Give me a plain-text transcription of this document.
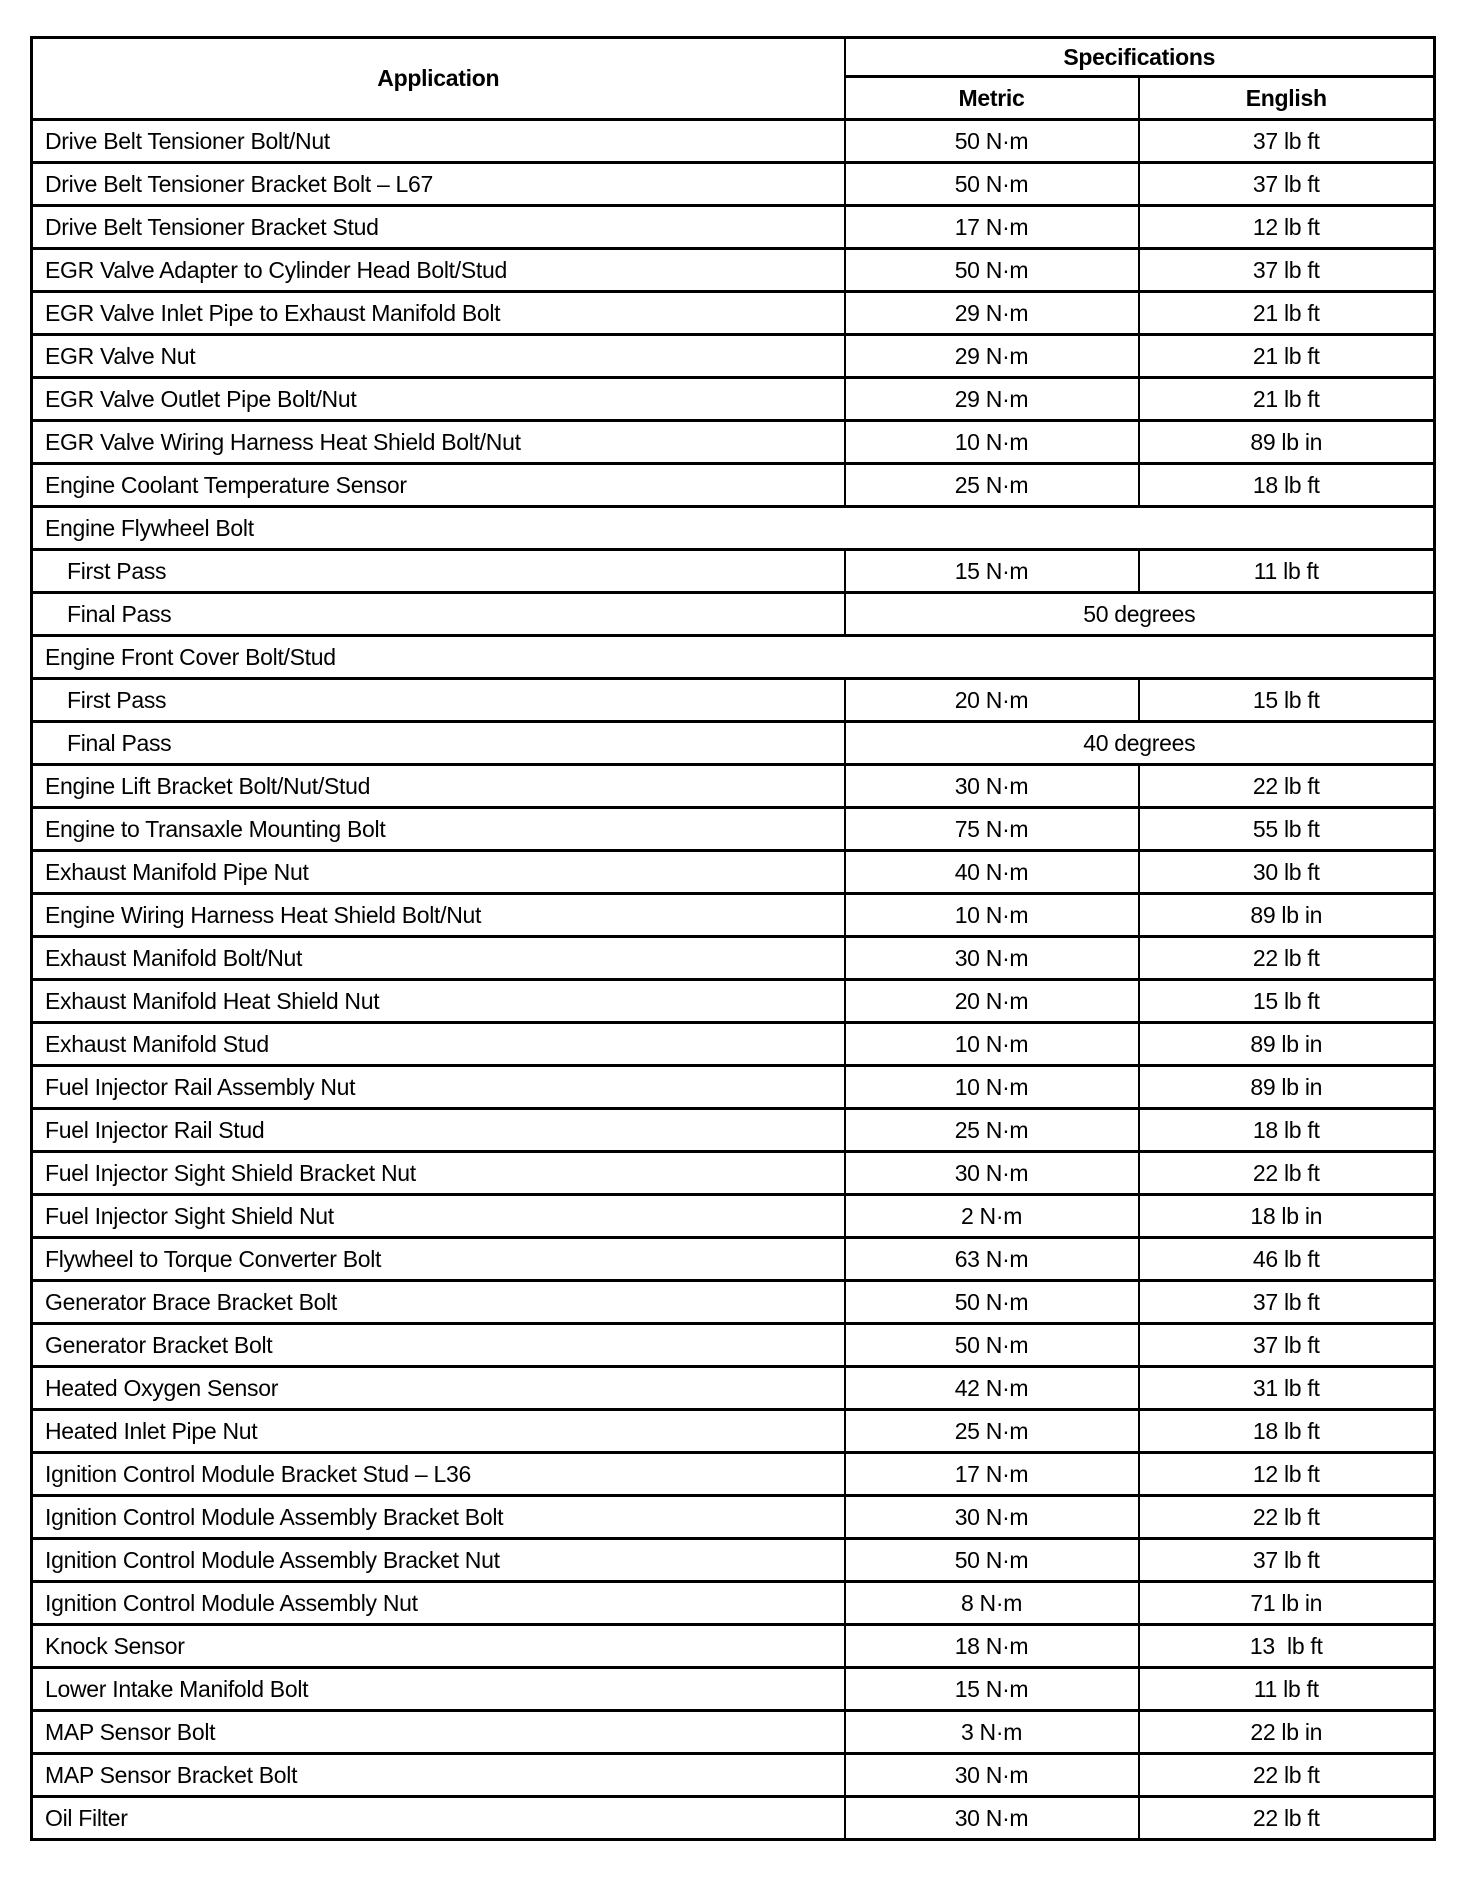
Application	Specifications	
	Metric	English
Drive Belt Tensioner Bolt/Nut	50 N·m	37 lb ft
Drive Belt Tensioner Bracket Bolt – L67	50 N·m	37 lb ft
Drive Belt Tensioner Bracket Stud	17 N·m	12 lb ft
EGR Valve Adapter to Cylinder Head Bolt/Stud	50 N·m	37 lb ft
EGR Valve Inlet Pipe to Exhaust Manifold Bolt	29 N·m	21 lb ft
EGR Valve Nut	29 N·m	21 lb ft
EGR Valve Outlet Pipe Bolt/Nut	29 N·m	21 lb ft
EGR Valve Wiring Harness Heat Shield Bolt/Nut	10 N·m	89 lb in
Engine Coolant Temperature Sensor	25 N·m	18 lb ft
Engine Flywheel Bolt		
First Pass	15 N·m	11 lb ft
Final Pass	50 degrees	
Engine Front Cover Bolt/Stud		
First Pass	20 N·m	15 lb ft
Final Pass	40 degrees	
Engine Lift Bracket Bolt/Nut/Stud	30 N·m	22 lb ft
Engine to Transaxle Mounting Bolt	75 N·m	55 lb ft
Exhaust Manifold Pipe Nut	40 N·m	30 lb ft
Engine Wiring Harness Heat Shield Bolt/Nut	10 N·m	89 lb in
Exhaust Manifold Bolt/Nut	30 N·m	22 lb ft
Exhaust Manifold Heat Shield Nut	20 N·m	15 lb ft
Exhaust Manifold Stud	10 N·m	89 lb in
Fuel Injector Rail Assembly Nut	10 N·m	89 lb in
Fuel Injector Rail Stud	25 N·m	18 lb ft
Fuel Injector Sight Shield Bracket Nut	30 N·m	22 lb ft
Fuel Injector Sight Shield Nut	2 N·m	18 lb in
Flywheel to Torque Converter Bolt	63 N·m	46 lb ft
Generator Brace Bracket Bolt	50 N·m	37 lb ft
Generator Bracket Bolt	50 N·m	37 lb ft
Heated Oxygen Sensor	42 N·m	31 lb ft
Heated Inlet Pipe Nut	25 N·m	18 lb ft
Ignition Control Module Bracket Stud – L36	17 N·m	12 lb ft
Ignition Control Module Assembly Bracket Bolt	30 N·m	22 lb ft
Ignition Control Module Assembly Bracket Nut	50 N·m	37 lb ft
Ignition Control Module Assembly Nut	8 N·m	71 lb in
Knock Sensor	18 N·m	13  lb ft
Lower Intake Manifold Bolt	15 N·m	11 lb ft
MAP Sensor Bolt	3 N·m	22 lb in
MAP Sensor Bracket Bolt	30 N·m	22 lb ft
Oil Filter	30 N·m	22 lb ft
